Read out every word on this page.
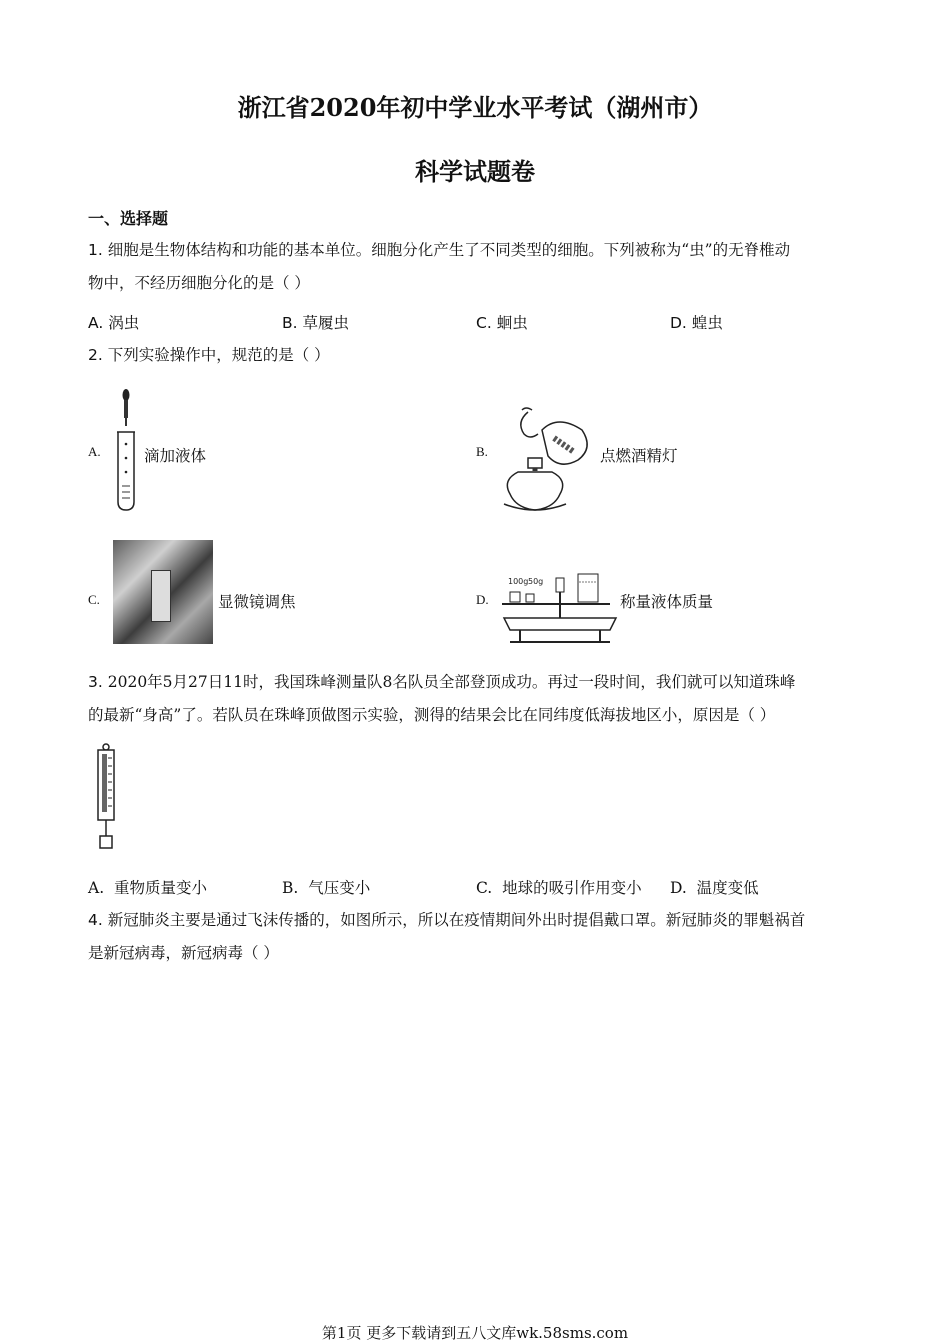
浙江省2020年初中学业水平考试（湖州市）
科学试题卷
一、选择题
1. 细胞是生物体结构和功能的基本单位。细胞分化产生了不同类型的细胞。下列被称为“虫”的无脊椎动
物中，不经历细胞分化的是（ ）
A. 涡虫	B. 草履虫	C. 蛔虫	D. 蝗虫
2. 下列实验操作中，规范的是（ ）
A.	滴加液体	B.	点燃酒精灯
C.	显微镜调焦	D.
100g 50g
称量液体质量
3. 2020年5月27日11时，我国珠峰测量队8名队员全部登顶成功。再过一段时间，我们就可以知道珠峰
的最新“身高”了。若队员在珠峰顶做图示实验，测得的结果会比在同纬度低海拔地区小，原因是（ ）
A. 重物质量变小	B. 气压变小	C. 地球的吸引作用变小 D. 温度变低
4. 新冠肺炎主要是通过飞沫传播的，如图所示，所以在疫情期间外出时提倡戴口罩。新冠肺炎的罪魁祸首
是新冠病毒，新冠病毒（ ）
第1页 更多下载请到五八文库wk.58sms.com
